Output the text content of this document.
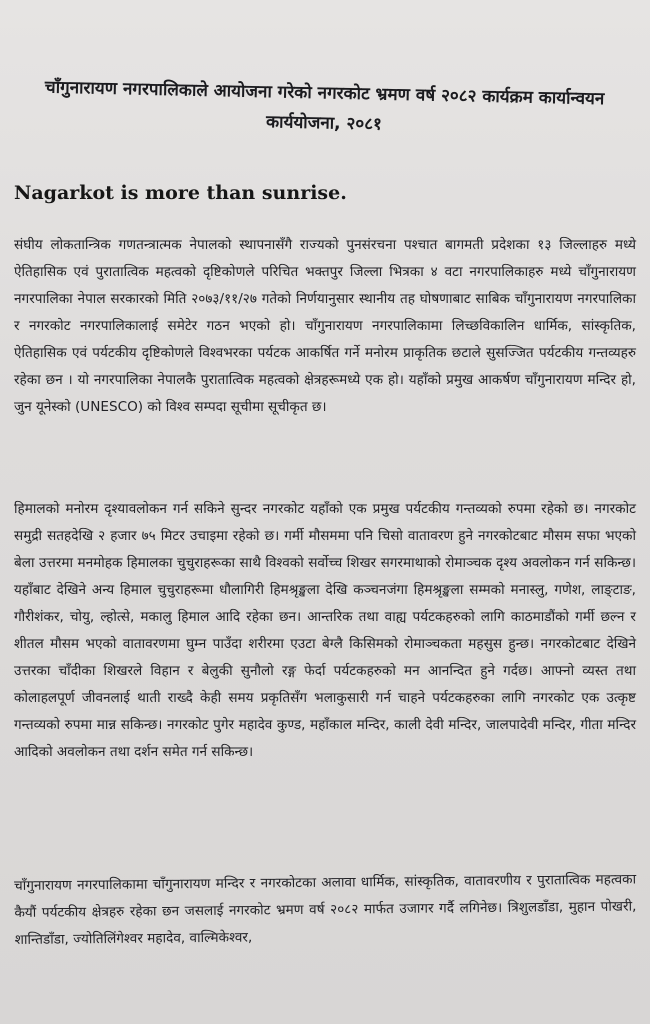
चाँगुनारायण नगरपालिकाले आयोजना गरेको नगरकोट भ्रमण वर्ष २०८२ कार्यक्रम कार्यान्वयन कार्ययोजना, २०८१
Nagarkot is more than sunrise.
संघीय लोकतान्त्रिक गणतन्त्रात्मक नेपालको स्थापनासँगै राज्यको पुनसंरचना पश्चात बागमती प्रदेशका १३ जिल्लाहरु मध्ये ऐतिहासिक एवं पुरातात्विक महत्वको दृष्टिकोणले परिचित भक्तपुर जिल्ला भित्रका ४ वटा नगरपालिकाहरु मध्ये चाँगुनारायण नगरपालिका नेपाल सरकारको मिति २०७३/११/२७ गतेको निर्णयानुसार स्थानीय तह घोषणाबाट साबिक चाँगुनारायण नगरपालिका र नगरकोट नगरपालिकालाई समेटेर गठन भएको हो। चाँगुनारायण नगरपालिकामा लिच्छविकालिन धार्मिक, सांस्कृतिक, ऐतिहासिक एवं पर्यटकीय दृष्टिकोणले विश्वभरका पर्यटक आकर्षित गर्ने मनोरम प्राकृतिक छटाले सुसज्जित पर्यटकीय गन्तव्यहरु रहेका छन । यो नगरपालिका नेपालकै पुरातात्विक महत्वको क्षेत्रहरूमध्ये एक हो। यहाँको प्रमुख आकर्षण चाँगुनारायण मन्दिर हो, जुन यूनेस्को (UNESCO) को विश्व सम्पदा सूचीमा सूचीकृत छ।
हिमालको मनोरम दृश्यावलोकन गर्न सकिने सुन्दर नगरकोट यहाँको एक प्रमुख पर्यटकीय गन्तव्यको रुपमा रहेको छ। नगरकोट समुद्री सतहदेखि २ हजार ७५ मिटर उचाइमा रहेको छ। गर्मी मौसममा पनि चिसो वातावरण हुने नगरकोटबाट मौसम सफा भएको बेला उत्तरमा मनमोहक हिमालका चुचुराहरूका साथै विश्वको सर्वोच्च शिखर सगरमाथाको रोमाञ्चक दृश्य अवलोकन गर्न सकिन्छ। यहाँबाट देखिने अन्य हिमाल चुचुराहरूमा धौलागिरी हिमश्रृङ्खला देखि कञ्चनजंगा हिमश्रृङ्खला सम्मको मनास्लु, गणेश, लाङ्टाङ, गौरीशंकर, चोयु, ल्होत्से, मकालु हिमाल आदि रहेका छन। आन्तरिक तथा वाह्य पर्यटकहरुको लागि काठमाडौंको गर्मी छल्न र शीतल मौसम भएको वातावरणमा घुम्न पाउँदा शरीरमा एउटा बेग्लै किसिमको रोमाञ्चकता महसुस हुन्छ। नगरकोटबाट देखिने उत्तरका चाँदीका शिखरले विहान र बेलुकी सुनौलो रङ्ग फेर्दा पर्यटकहरुको मन आनन्दित हुने गर्दछ। आफ्नो व्यस्त तथा कोलाहलपूर्ण जीवनलाई थाती राख्दै केही समय प्रकृतिसँग भलाकुसारी गर्न चाहने पर्यटकहरुका लागि नगरकोट एक उत्कृष्ट गन्तव्यको रुपमा मान्न सकिन्छ। नगरकोट पुगेर महादेव कुण्ड, महाँकाल मन्दिर, काली देवी मन्दिर, जालपादेवी मन्दिर, गीता मन्दिर आदिको अवलोकन तथा दर्शन समेत गर्न सकिन्छ।
चाँगुनारायण नगरपालिकामा चाँगुनारायण मन्दिर र नगरकोटका अलावा धार्मिक, सांस्कृतिक, वातावरणीय र पुरातात्विक महत्वका कैयौं पर्यटकीय क्षेत्रहरु रहेका छन जसलाई नगरकोट भ्रमण वर्ष २०८२ मार्फत उजागर गर्दै लगिनेछ। त्रिशुलडाँडा, मुहान पोखरी, शान्तिडाँडा, ज्योतिलिंगेश्वर महादेव, वाल्मिकेश्वर,
